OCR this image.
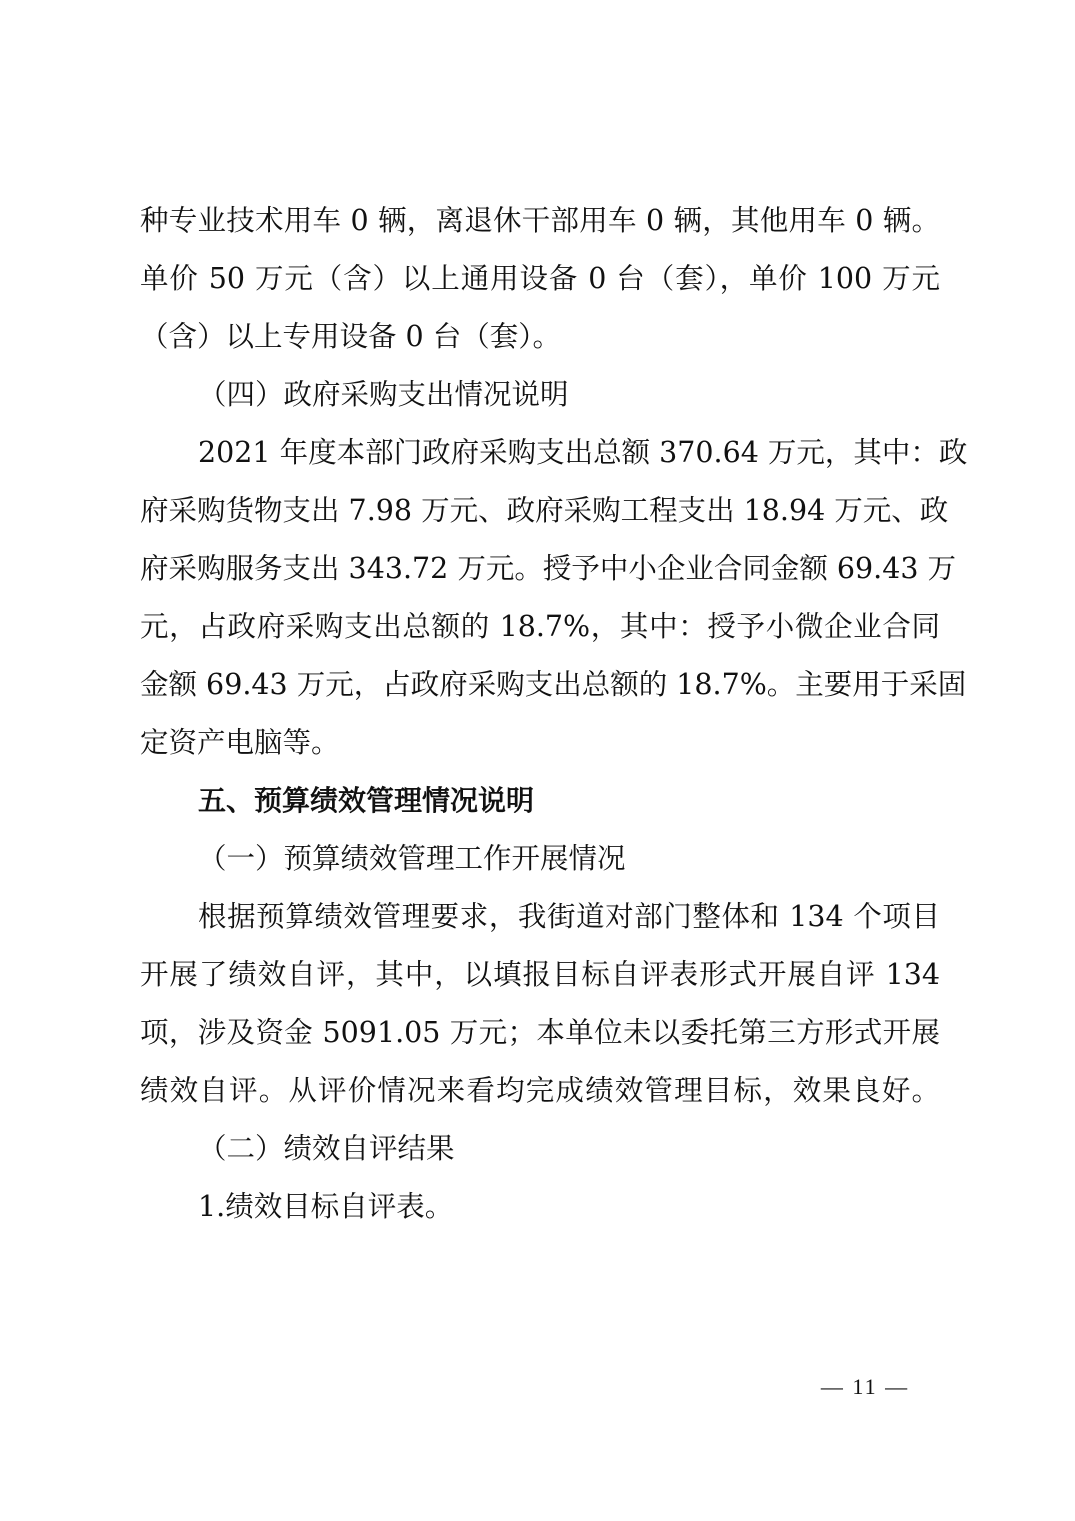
种专业技术用车 0 辆，离退休干部用车 0 辆，其他用车 0 辆。
单价 50 万元（含）以上通用设备 0 台（套），单价 100 万元
（含）以上专用设备 0 台（套）。
（四）政府采购支出情况说明
2021 年度本部门政府采购支出总额 370.64 万元，其中：政
府采购货物支出 7.98 万元、政府采购工程支出 18.94 万元、政
府采购服务支出 343.72 万元。授予中小企业合同金额 69.43 万
元，占政府采购支出总额的 18.7%，其中：授予小微企业合同
金额 69.43 万元，占政府采购支出总额的 18.7%。主要用于采固
定资产电脑等。
五、预算绩效管理情况说明
（一）预算绩效管理工作开展情况
根据预算绩效管理要求，我街道对部门整体和 134 个项目
开展了绩效自评，其中，以填报目标自评表形式开展自评 134
项，涉及资金 5091.05 万元；本单位未以委托第三方形式开展
绩效自评。从评价情况来看均完成绩效管理目标，效果良好。
（二）绩效自评结果
1.绩效目标自评表。
— 11 —
